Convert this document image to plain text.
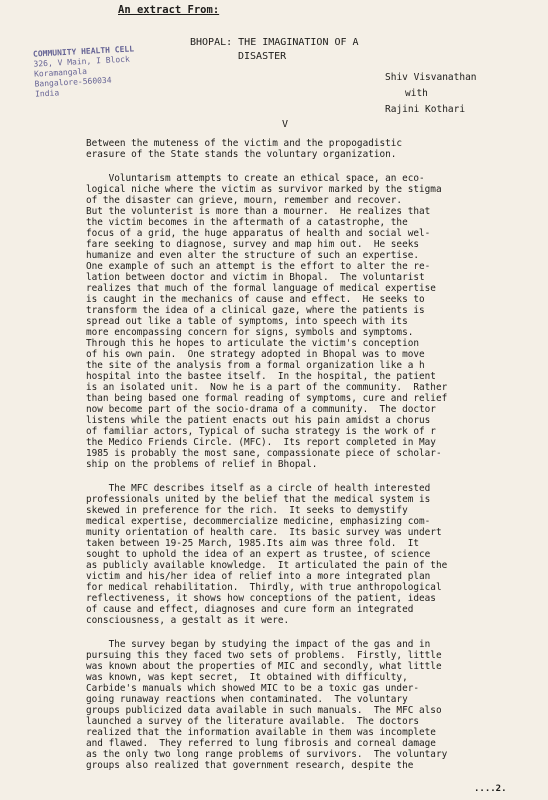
An extract From:
COMMUNITY HEALTH CELL
326, V Main, I Block
Koramangala
Bangalore-560034
India
BHOPAL: THE IMAGINATION OF A
DISASTER
Shiv Visvanathan
with
Rajini Kothari
V
Between the muteness of the victim and the propogadistic
erasure of the State stands the voluntary organization.
Voluntarism attempts to create an ethical space, an eco-
logical niche where the victim as survivor marked by the stigma
of the disaster can grieve, mourn, remember and recover.
But the volunterist is more than a mourner.  He realizes that
the victim becomes in the aftermath of a catastrophe, the
focus of a grid, the huge apparatus of health and social wel-
fare seeking to diagnose, survey and map him out.  He seeks
humanize and even alter the structure of such an expertise.
One example of such an attempt is the effort to alter the re-
lation between doctor and victim in Bhopal.  The voluntarist
realizes that much of the formal language of medical expertise
is caught in the mechanics of cause and effect.  He seeks to
transform the idea of a clinical gaze, where the patients is
spread out like a table of symptoms, into speech with its
more encompassing concern for signs, symbols and symptoms.
Through this he hopes to articulate the victim's conception
of his own pain.  One strategy adopted in Bhopal was to move
the site of the analysis from a formal organization like a h
hospital into the bastee itself.  In the hospital, the patient
is an isolated unit.  Now he is a part of the community.  Rather
than being based one formal reading of symptoms, cure and relief
now become part of the socio-drama of a community.  The doctor
listens while the patient enacts out his pain amidst a chorus
of familiar actors, Typical of sucha strategy is the work of r
the Medico Friends Circle. (MFC).  Its report completed in May
1985 is probably the most sane, compassionate piece of scholar-
ship on the problems of relief in Bhopal.
The MFC describes itself as a circle of health interested
professionals united by the belief that the medical system is
skewed in preference for the rich.  It seeks to demystify
medical expertise, decommercialize medicine, emphasizing com-
munity orientation of health care.  Its basic survey was undert
taken between 19-25 March, 1985.Its aim was three fold.  It
sought to uphold the idea of an expert as trustee, of science
as publicly available knowledge.  It articulated the pain of the
victim and his/her idea of relief into a more integrated plan
for medical rehabilitation.  Thirdly, with true anthropological
reflectiveness, it shows how conceptions of the patient, ideas
of cause and effect, diagnoses and cure form an integrated
consciousness, a gestalt as it were.
The survey began by studying the impact of the gas and in
pursuing this they faced two sets of problems.  Firstly, little
was known about the properties of MIC and secondly, what little
was known, was kept secret,  It obtained with difficulty,
Carbide's manuals which showed MIC to be a toxic gas under-
going runaway reactions when contaminated.  The voluntary
groups publicized data available in such manuals.  The MFC also
launched a survey of the literature available.  The doctors
realized that the information available in them was incomplete
and flawed.  They referred to lung fibrosis and corneal damage
as the only two long range problems of survivors.  The voluntary
groups also realized that government research, despite the
....2.
